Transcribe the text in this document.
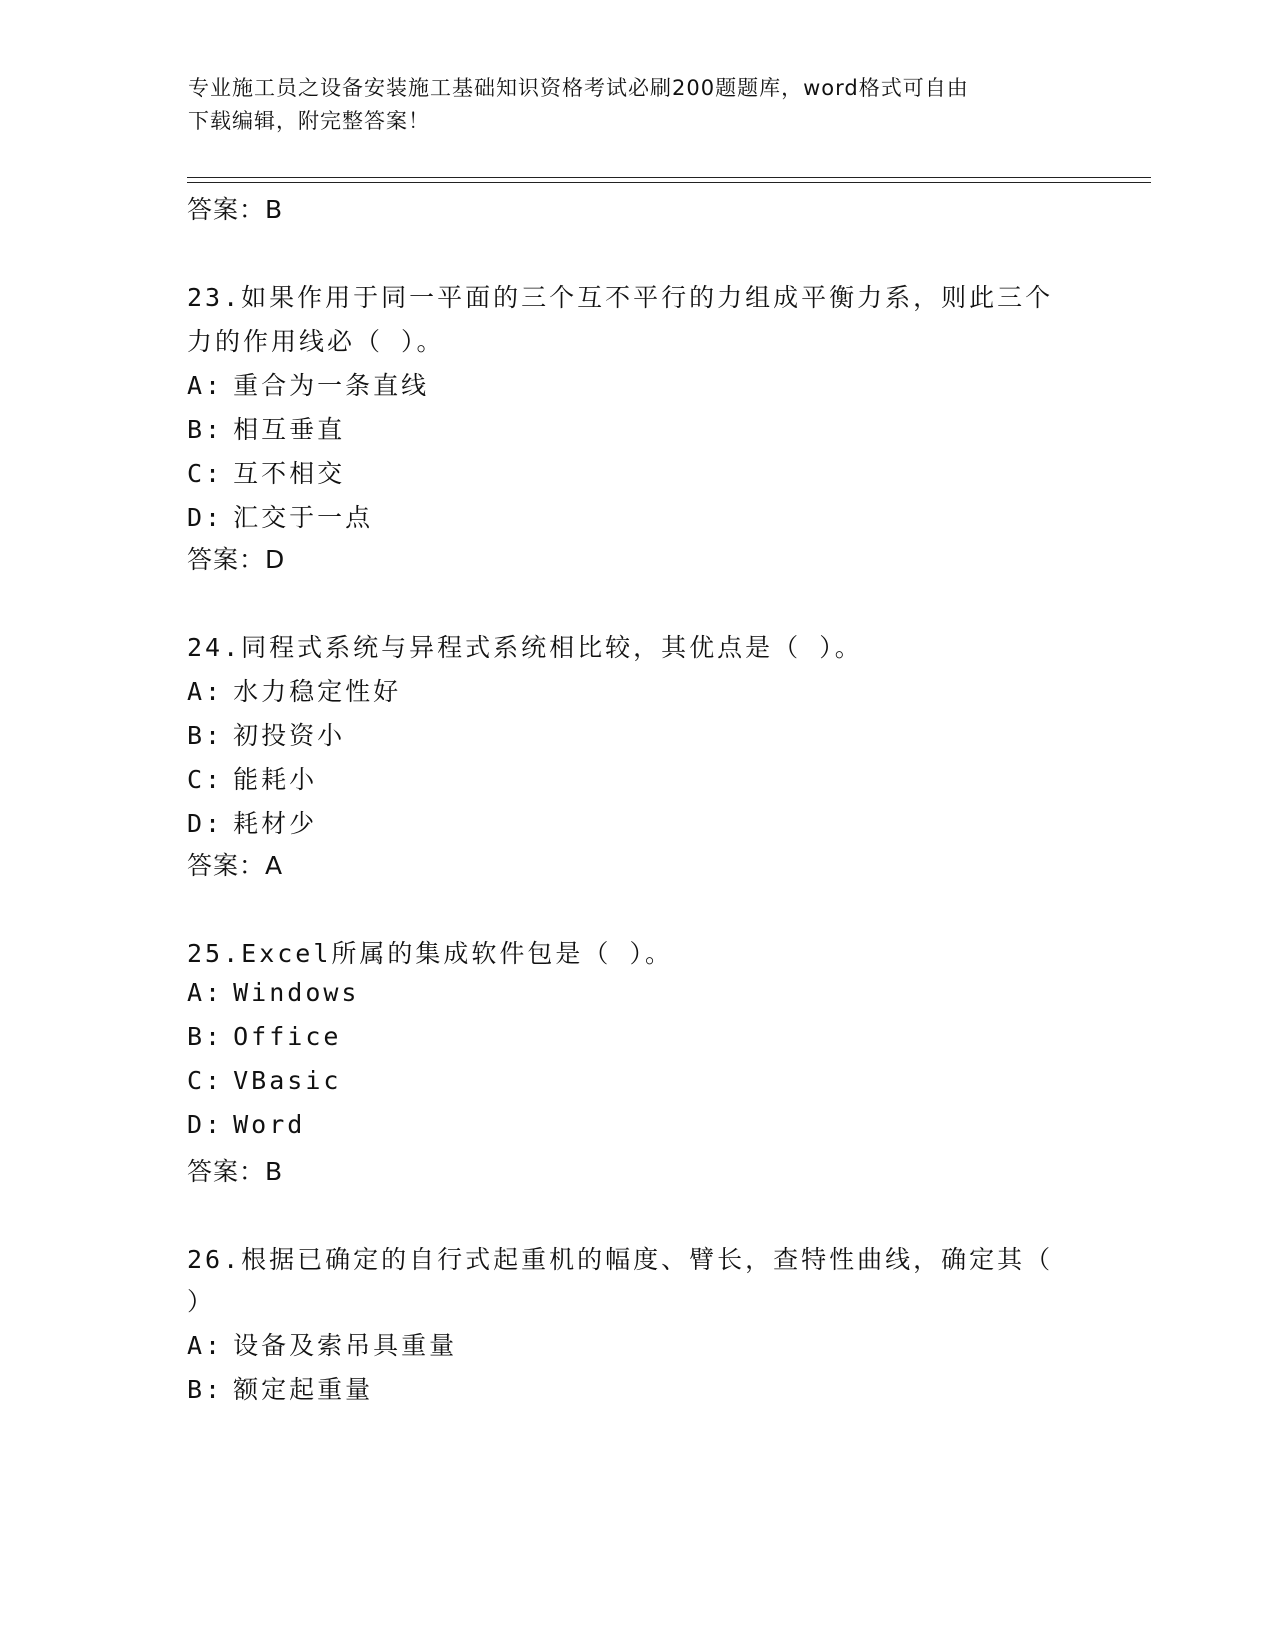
专业施工员之设备安装施工基础知识资格考试必刷200题题库，word格式可自由
下载编辑，附完整答案！
答案：B
23.如果作用于同一平面的三个互不平行的力组成平衡力系，则此三个
力的作用线必（ ）。
A: 重合为一条直线
B: 相互垂直
C: 互不相交
D: 汇交于一点
答案：D
24.同程式系统与异程式系统相比较，其优点是（ ）。
A: 水力稳定性好
B: 初投资小
C: 能耗小
D: 耗材少
答案：A
25.Excel所属的集成软件包是（ ）。
A: Windows
B: Office
C: VBasic
D: Word
答案：B
26.根据已确定的自行式起重机的幅度、臂长，查特性曲线，确定其（
）
A: 设备及索吊具重量
B: 额定起重量
